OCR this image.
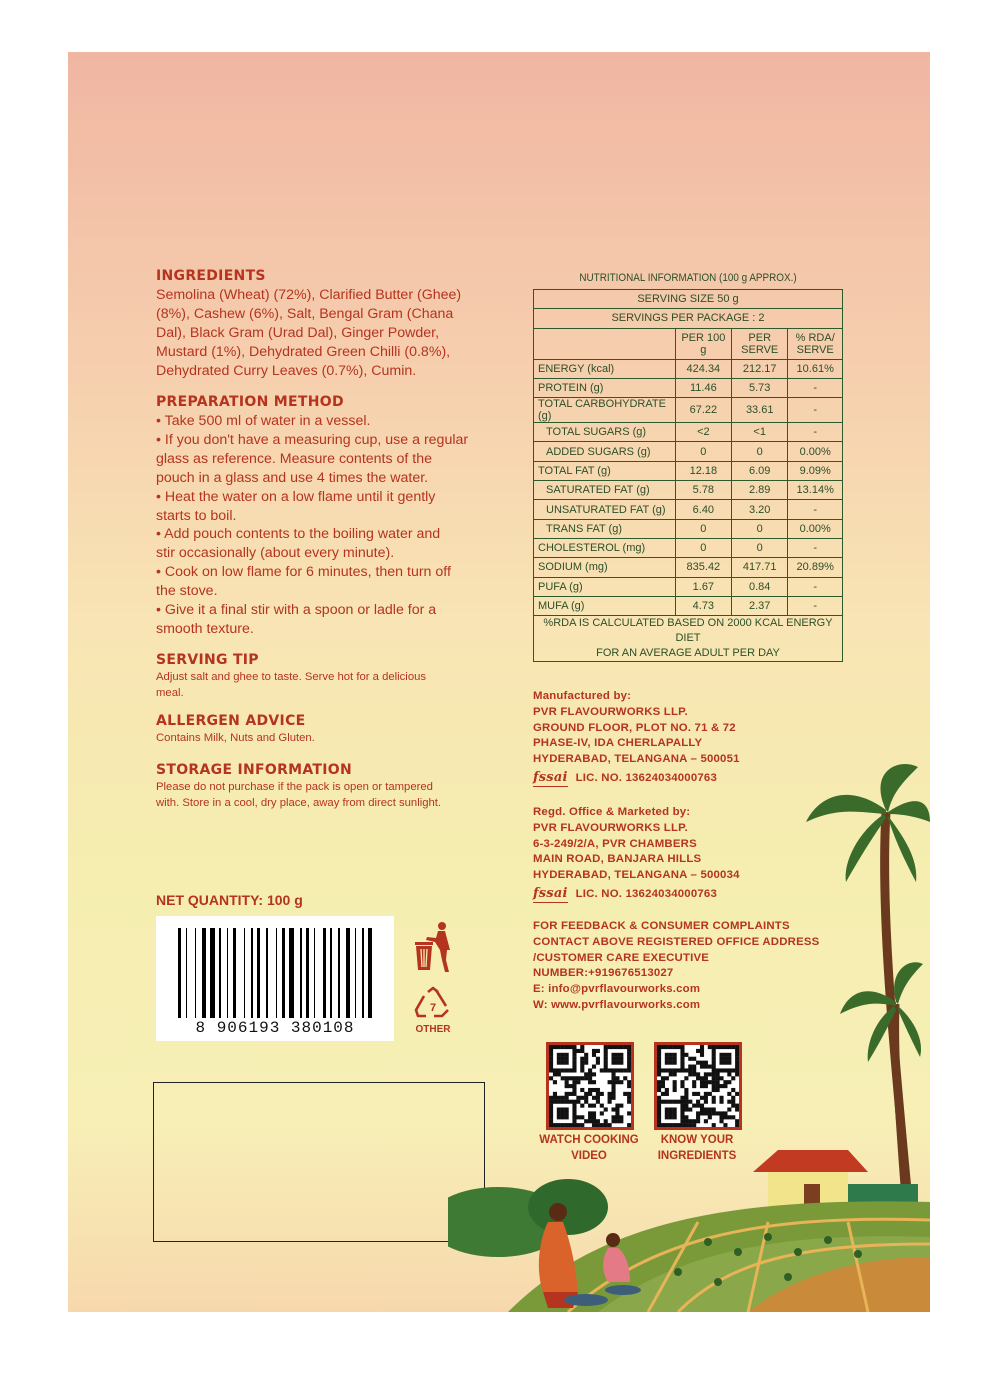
INGREDIENTS
Semolina (Wheat) (72%), Clarified Butter (Ghee)
(8%), Cashew (6%), Salt, Bengal Gram (Chana
Dal), Black Gram (Urad Dal), Ginger Powder,
Mustard (1%), Dehydrated Green Chilli (0.8%),
Dehydrated Curry Leaves (0.7%), Cumin.
PREPARATION METHOD
• Take 500 ml of water in a vessel.
• If you don't have a measuring cup, use a regular
glass as reference. Measure contents of the
pouch in a glass and use 4 times the water.
• Heat the water on a low flame until it gently
starts to boil.
• Add pouch contents to the boiling water and
stir occasionally (about every minute).
• Cook on low flame for 6 minutes, then turn off
the stove.
• Give it a final stir with a spoon or ladle for a
smooth texture.
SERVING TIP
Adjust salt and ghee to taste. Serve hot for a delicious
meal.
ALLERGEN ADVICE
Contains Milk, Nuts and Gluten.
STORAGE INFORMATION
Please do not purchase if the pack is open or tampered
with. Store in a cool, dry place, away from direct sunlight.
NET QUANTITY: 100 g
8 906193 380108
7
OTHER
NUTRITIONAL INFORMATION (100 g APPROX.)
SERVING SIZE 50 g			
SERVINGS PER PACKAGE : 2			
	PER 100 g	PER SERVE	% RDA/ SERVE
ENERGY (kcal)	424.34	212.17	10.61%
PROTEIN (g)	11.46	5.73	-
TOTAL CARBOHYDRATE (g)	67.22	33.61	-
TOTAL SUGARS (g)	<2	<1	-
ADDED SUGARS (g)	0	0	0.00%
TOTAL FAT (g)	12.18	6.09	9.09%
SATURATED FAT (g)	5.78	2.89	13.14%
UNSATURATED FAT (g)	6.40	3.20	-
TRANS FAT (g)	0	0	0.00%
CHOLESTEROL (mg)	0	0	-
SODIUM (mg)	835.42	417.71	20.89%
PUFA (g)	1.67	0.84	-
MUFA (g)	4.73	2.37	-

%RDA IS CALCULATED BASED ON 2000 KCAL ENERGY DIET
FOR AN AVERAGE ADULT PER DAY			
Manufactured by:
PVR FLAVOURWORKS LLP.
GROUND FLOOR, PLOT NO. 71 & 72
PHASE-IV, IDA CHERLAPALLY
HYDERABAD, TELANGANA – 500051
fssai LIC. NO. 13624034000763
Regd. Office & Marketed by:
PVR FLAVOURWORKS LLP.
6-3-249/2/A, PVR CHAMBERS
MAIN ROAD, BANJARA HILLS
HYDERABAD, TELANGANA – 500034
fssai LIC. NO. 13624034000763
FOR FEEDBACK & CONSUMER COMPLAINTS
CONTACT ABOVE REGISTERED OFFICE ADDRESS
/CUSTOMER CARE EXECUTIVE
NUMBER:+919676513027
E: info@pvrflavourworks.com
W: www.pvrflavourworks.com
WATCH COOKING
VIDEO
KNOW YOUR
INGREDIENTS
